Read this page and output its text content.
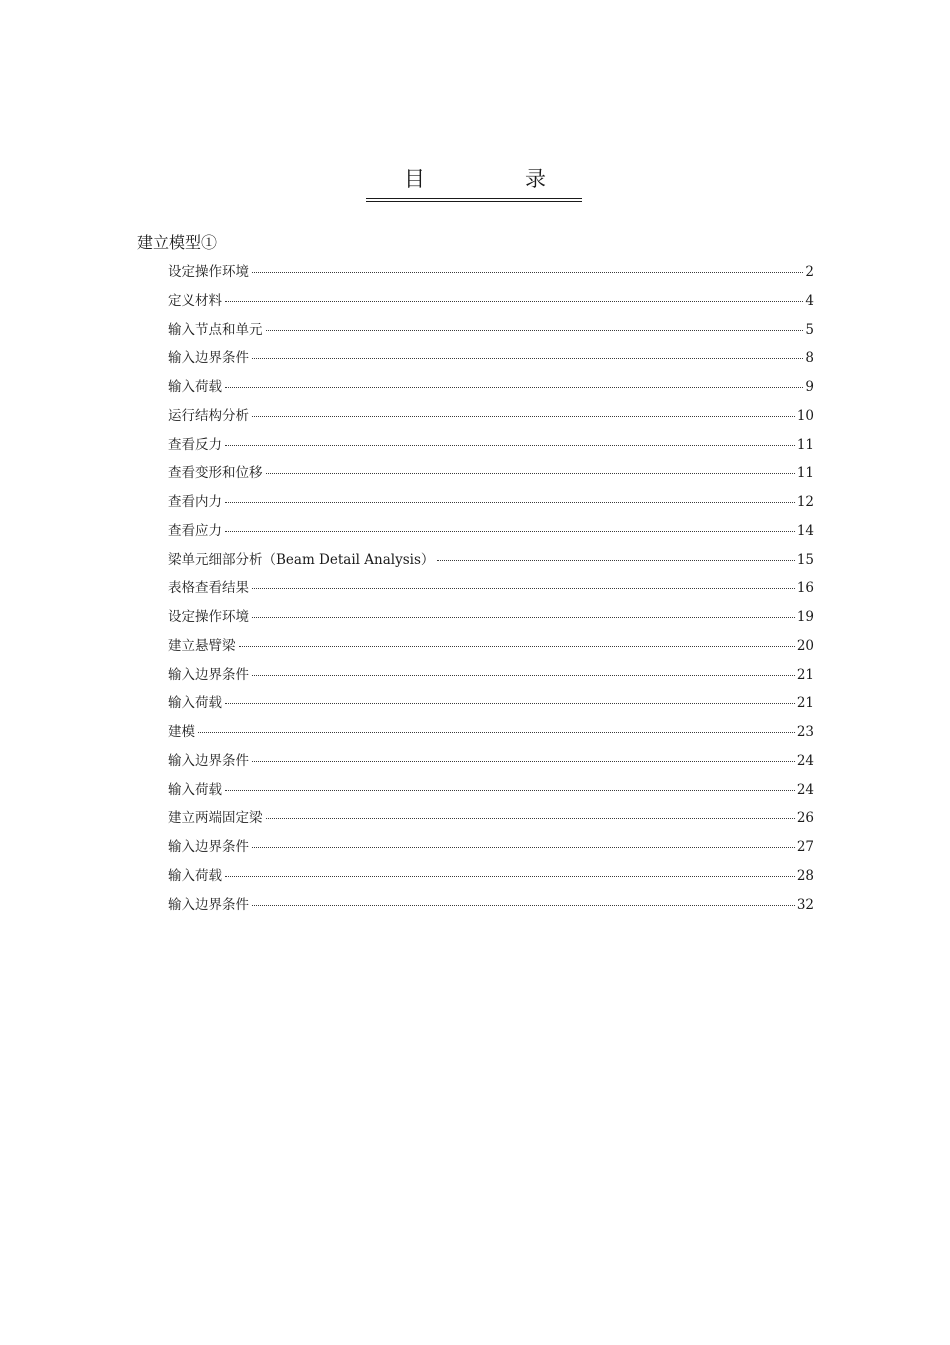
目	录
建立模型①
设定操作环境	2
定义材料	4
输入节点和单元	5
输入边界条件	8
输入荷载	9
运行结构分析	10
查看反力	11
查看变形和位移	11
查看内力	12
查看应力	14
梁单元细部分析（Beam Detail Analysis）	15
表格查看结果	16
设定操作环境	19
建立悬臂梁	20
输入边界条件	21
输入荷载	21
建模	23
输入边界条件	24
输入荷载	24
建立两端固定梁	26
输入边界条件	27
输入荷载	28
输入边界条件	32
